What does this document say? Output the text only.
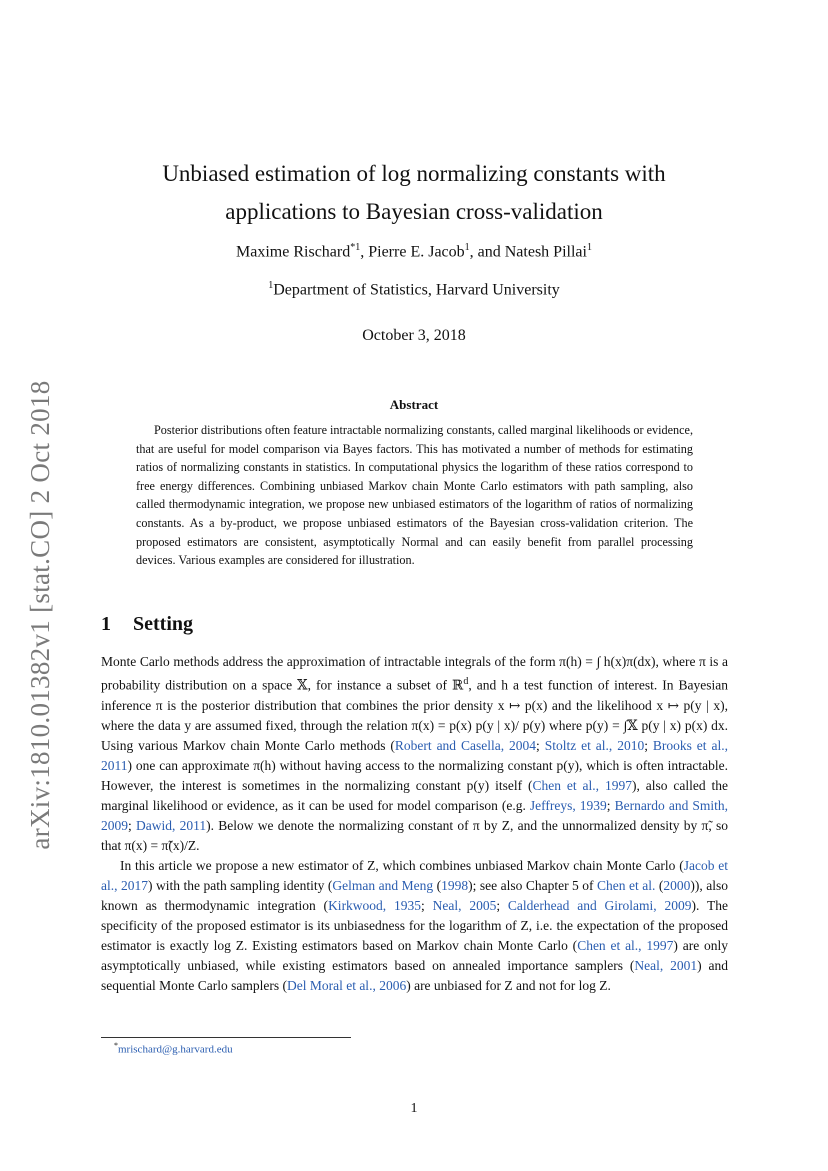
arXiv:1810.01382v1 [stat.CO] 2 Oct 2018
Unbiased estimation of log normalizing constants with
applications to Bayesian cross-validation
Maxime Rischard$^{*1}$, Pierre E. Jacob$^1$, and Natesh Pillai$^1$
$^1$Department of Statistics, Harvard University
October 3, 2018
Abstract

Posterior distributions often feature intractable normalizing constants, called marginal likelihoods or evidence, that are useful for model comparison via Bayes factors. This has motivated a number of methods for estimating ratios of normalizing constants in statistics. In computational physics the logarithm of these ratios correspond to free energy differences. Combining unbiased Markov chain Monte Carlo estimators with path sampling, also called thermodynamic integration, we propose new unbiased estimators of the logarithm of ratios of normalizing constants. As a by-product, we propose unbiased estimators of the Bayesian cross-validation criterion. The proposed estimators are consistent, asymptotically Normal and can easily benefit from parallel processing devices. Various examples are considered for illustration.

1 Setting

Monte Carlo methods address the approximation of intractable integrals of the form π(h) = ∫ h(x)π(dx), where π is a probability distribution on a space 𝕏, for instance a subset of ℝ$^d$, and h a test function of interest. In Bayesian inference π is the posterior distribution that combines the prior density x ↦ p(x) and the likelihood x ↦ p(y | x), where the data y are assumed fixed, through the relation π(x) = p(x) p(y | x)/ p(y) where p(y) = ∫𝕏 p(y | x) p(x) dx. Using various Markov chain Monte Carlo methods (Robert and Casella, 2004; Stoltz et al., 2010; Brooks et al., 2011) one can approximate π(h) without having access to the normalizing constant p(y), which is often intractable. However, the interest is sometimes in the normalizing constant p(y) itself (Chen et al., 1997), also called the marginal likelihood or evidence, as it can be used for model comparison (e.g. Jeffreys, 1939; Bernardo and Smith, 2009; Dawid, 2011). Below we denote the normalizing constant of π by Z, and the unnormalized density by π̃, so that π(x) = π̃(x)/Z.

In this article we propose a new estimator of Z, which combines unbiased Markov chain Monte Carlo (Jacob et al., 2017) with the path sampling identity (Gelman and Meng (1998); see also Chapter 5 of Chen et al. (2000)), also known as thermodynamic integration (Kirkwood, 1935; Neal, 2005; Calderhead and Girolami, 2009). The specificity of the proposed estimator is its unbiasedness for the logarithm of Z, i.e. the expectation of the proposed estimator is exactly log Z. Existing estimators based on Markov chain Monte Carlo (Chen et al., 1997) are only asymptotically unbiased, while existing estimators based on annealed importance samplers (Neal, 2001) and sequential Monte Carlo samplers (Del Moral et al., 2006) are unbiased for Z and not for log Z.

*mrischard@g.harvard.edu
1
